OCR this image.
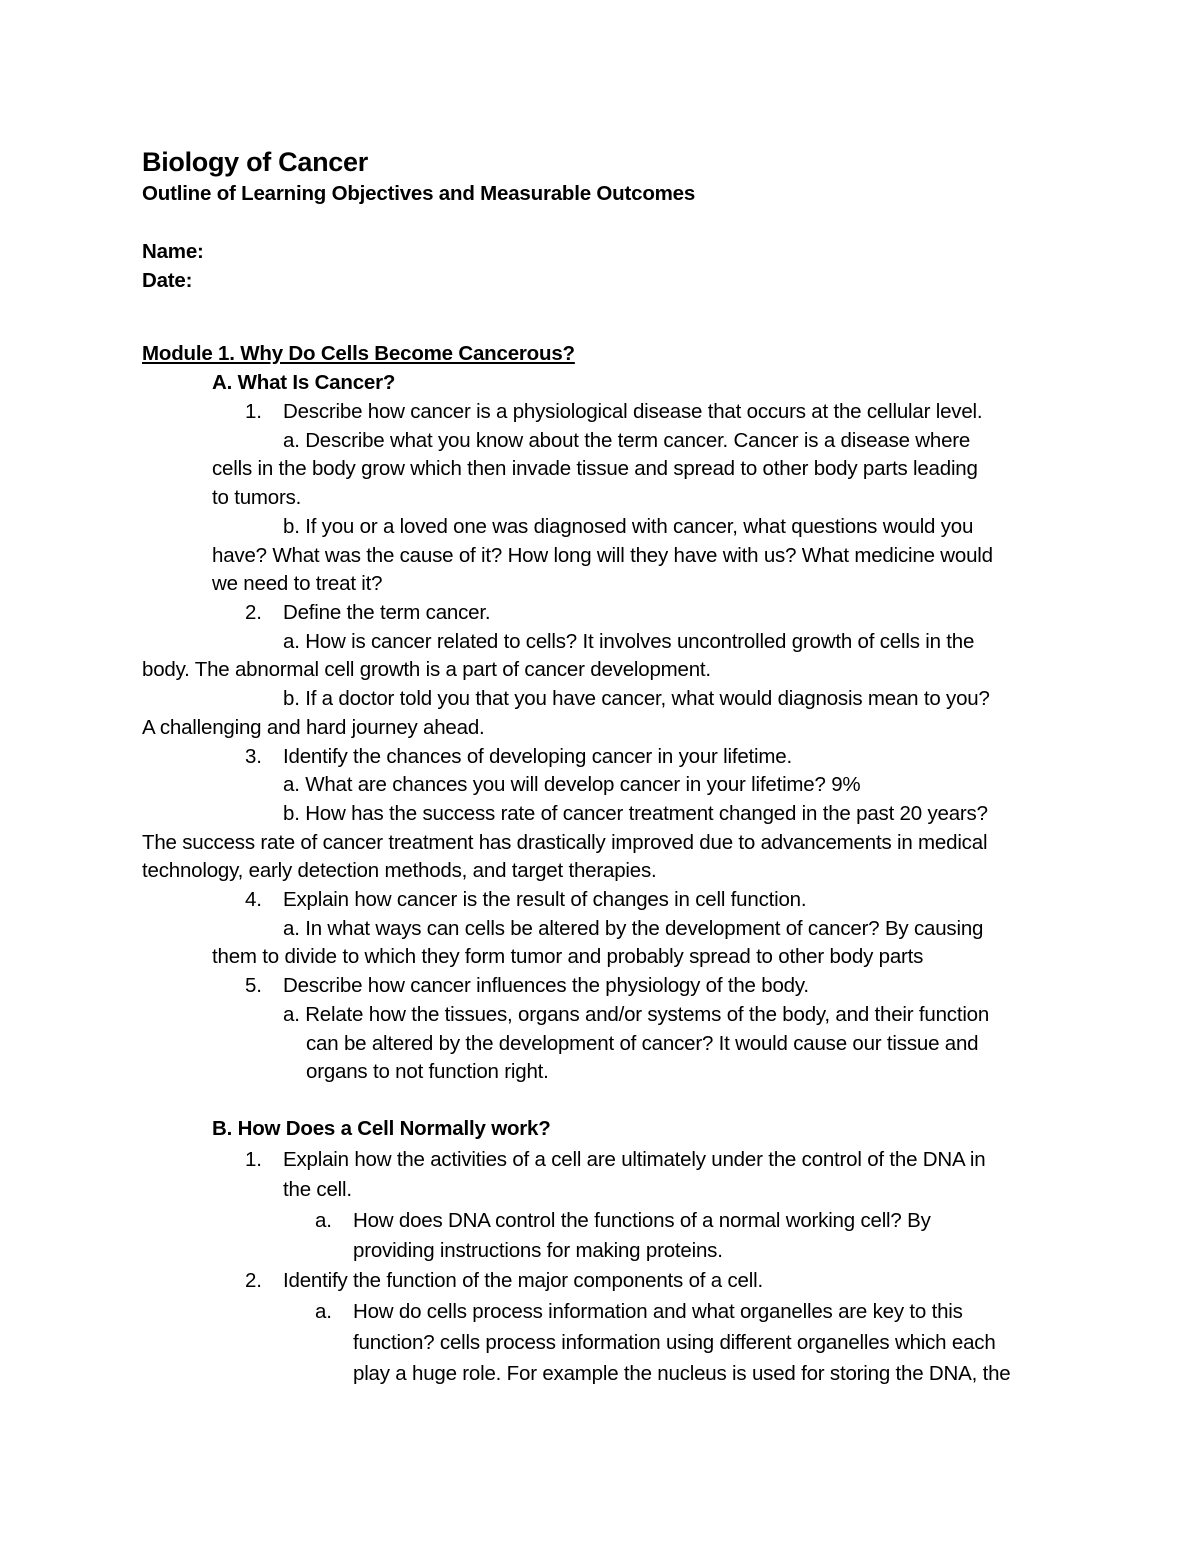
Biology of Cancer
Outline of Learning Objectives and Measurable Outcomes
Name:
Date:
Module 1. Why Do Cells Become Cancerous?
A. What Is Cancer?
1. Describe how cancer is a physiological disease that occurs at the cellular level.
a. Describe what you know about the term cancer. Cancer is a disease where
cells in the body grow which then invade tissue and spread to other body parts leading
to tumors.
b. If you or a loved one was diagnosed with cancer, what questions would you
have? What was the cause of it? How long will they have with us? What medicine would
we need to treat it?
2. Define the term cancer.
a. How is cancer related to cells? It involves uncontrolled growth of cells in the
body. The abnormal cell growth is a part of cancer development.
b. If a doctor told you that you have cancer, what would diagnosis mean to you?
A challenging and hard journey ahead.
3. Identify the chances of developing cancer in your lifetime.
a. What are chances you will develop cancer in your lifetime? 9%
b. How has the success rate of cancer treatment changed in the past 20 years?
The success rate of cancer treatment has drastically improved due to advancements in medical
technology, early detection methods, and target therapies.
4. Explain how cancer is the result of changes in cell function.
a. In what ways can cells be altered by the development of cancer? By causing
them to divide to which they form tumor and probably spread to other body parts
5. Describe how cancer influences the physiology of the body.
a. Relate how the tissues, organs and/or systems of the body, and their function
can be altered by the development of cancer? It would cause our tissue and
organs to not function right.
B. How Does a Cell Normally work?
1. Explain how the activities of a cell are ultimately under the control of the DNA in
the cell.
a. How does DNA control the functions of a normal working cell? By
providing instructions for making proteins.
2. Identify the function of the major components of a cell.
a. How do cells process information and what organelles are key to this
function? cells process information using different organelles which each
play a huge role. For example the nucleus is used for storing the DNA, the
